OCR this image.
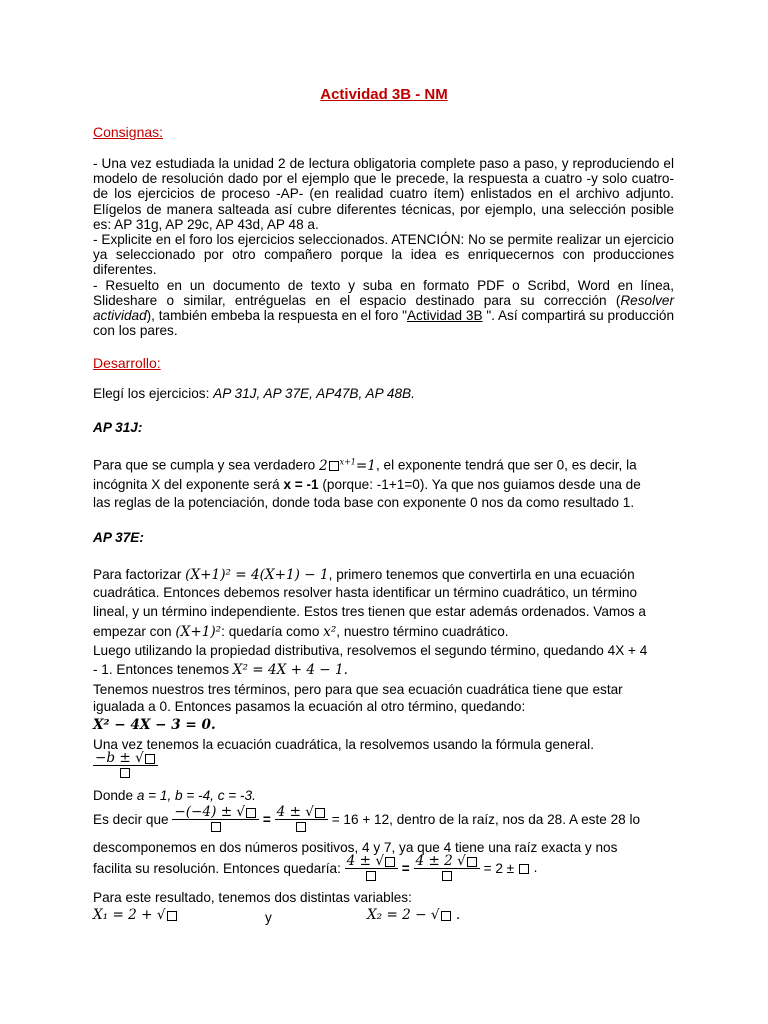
Actividad 3B - NM
Consignas:

- Una vez estudiada la unidad 2 de lectura obligatoria complete paso a paso, y reproduciendo el modelo de resolución dado por el ejemplo que le precede, la respuesta a cuatro -y solo cuatro- de los ejercicios de proceso -AP- (en realidad cuatro ítem) enlistados en el archivo adjunto. Elígelos de manera salteada así cubre diferentes técnicas, por ejemplo, una selección posible es: AP 31g, AP 29c, AP 43d, AP 48 a.

- Explicite en el foro los ejercicios seleccionados. ATENCIÓN: No se permite realizar un ejercicio ya seleccionado por otro compañero porque la idea es enriquecernos con producciones diferentes.

- Resuelto en un documento de texto y suba en formato PDF o Scribd, Word en línea, Slideshare o similar, entréguelas en el espacio destinado para su corrección (Resolver actividad), también embeba la respuesta en el foro "Actividad 3B ". Así compartirá su producción con los pares.

Desarrollo:
Elegí los ejercicios: AP 31J, AP 37E, AP47B, AP 48B.
AP 31J:
Para que se cumpla y sea verdadero 2 $^{x+1}$=1, el exponente tendrá que ser 0, es decir, la
incógnita X del exponente será x = -1 (porque: -1+1=0). Ya que nos guiamos desde una de
las reglas de la potenciación, donde toda base con exponente 0 nos da como resultado 1.
AP 37E:
Para factorizar (X+1)² = 4(X+1) − 1, primero tenemos que convertirla en una ecuación
cuadrática. Entonces debemos resolver hasta identificar un término cuadrático, un término
lineal, y un término independiente. Estos tres tienen que estar además ordenados. Vamos a
empezar con (X+1)²: quedaría como x², nuestro término cuadrático.
Luego utilizando la propiedad distributiva, resolvemos el segundo término, quedando 4X + 4
- 1. Entonces tenemos X² = 4X + 4 − 1.
Tenemos nuestros tres términos, pero para que sea ecuación cuadrática tiene que estar
igualada a 0. Entonces pasamos la ecuación al otro término, quedando:
X² − 4X − 3 = 0.
Una vez tenemos la ecuación cuadrática, la resolvemos usando la fórmula general.
−b ± √
Donde a = 1, b = -4, c = -3.
Es decir que −(−4) ± √	= 4 ± √	= 16 + 12, dentro de la raíz, nos da 28. A este 28 lo
descomponemos en dos números positivos, 4 y 7, ya que 4 tiene una raíz exacta y nos
facilita su resolución. Entonces quedaría: 4 ± √	= 4 ± 2 √	= 2 ±  .
Para este resultado, tenemos dos distintas variables:
X₁ = 2 + √	y	X₂ = 2 − √ .
